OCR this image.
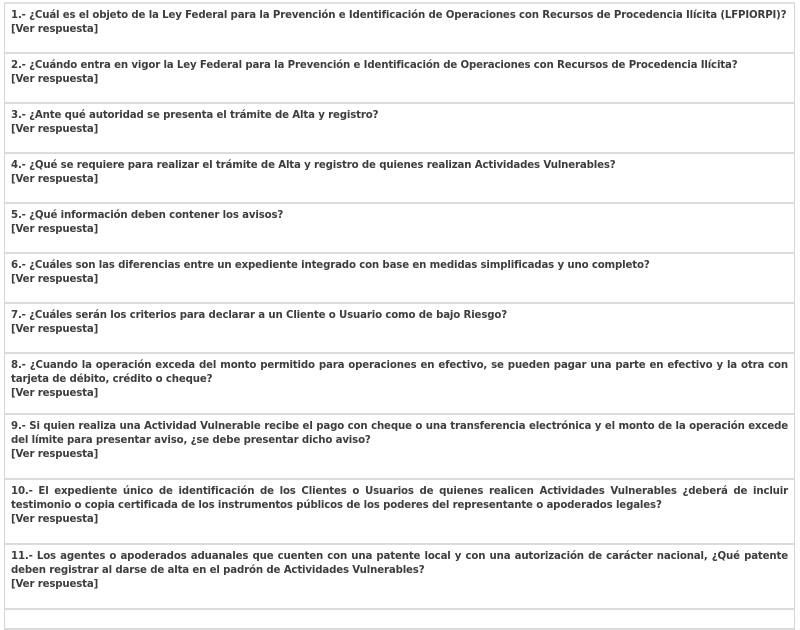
1.- ¿Cuál es el objeto de la Ley Federal para la Prevención e Identificación de Operaciones con Recursos de Procedencia Ilícita (LFPIORPI)?
[Ver respuesta]
2.- ¿Cuándo entra en vigor la Ley Federal para la Prevención e Identificación de Operaciones con Recursos de Procedencia Ilícita?
[Ver respuesta]
3.- ¿Ante qué autoridad se presenta el trámite de Alta y registro?
[Ver respuesta]
4.- ¿Qué se requiere para realizar el trámite de Alta y registro de quienes realizan Actividades Vulnerables?
[Ver respuesta]
5.- ¿Qué información deben contener los avisos?
[Ver respuesta]
6.- ¿Cuáles son las diferencias entre un expediente integrado con base en medidas simplificadas y uno completo?
[Ver respuesta]
7.- ¿Cuáles serán los criterios para declarar a un Cliente o Usuario como de bajo Riesgo?
[Ver respuesta]
8.- ¿Cuando la operación exceda del monto permitido para operaciones en efectivo, se pueden pagar una parte en efectivo y la otra con tarjeta de débito, crédito o cheque?
[Ver respuesta]
9.- Si quien realiza una Actividad Vulnerable recibe el pago con cheque o una transferencia electrónica y el monto de la operación excede del límite para presentar aviso, ¿se debe presentar dicho aviso?
[Ver respuesta]
10.- El expediente único de identificación de los Clientes o Usuarios de quienes realicen Actividades Vulnerables ¿deberá de incluir testimonio o copia certificada de los instrumentos públicos de los poderes del representante o apoderados legales?
[Ver respuesta]
11.- Los agentes o apoderados aduanales que cuenten con una patente local y con una autorización de carácter nacional, ¿Qué patente deben registrar al darse de alta en el padrón de Actividades Vulnerables?
[Ver respuesta]
